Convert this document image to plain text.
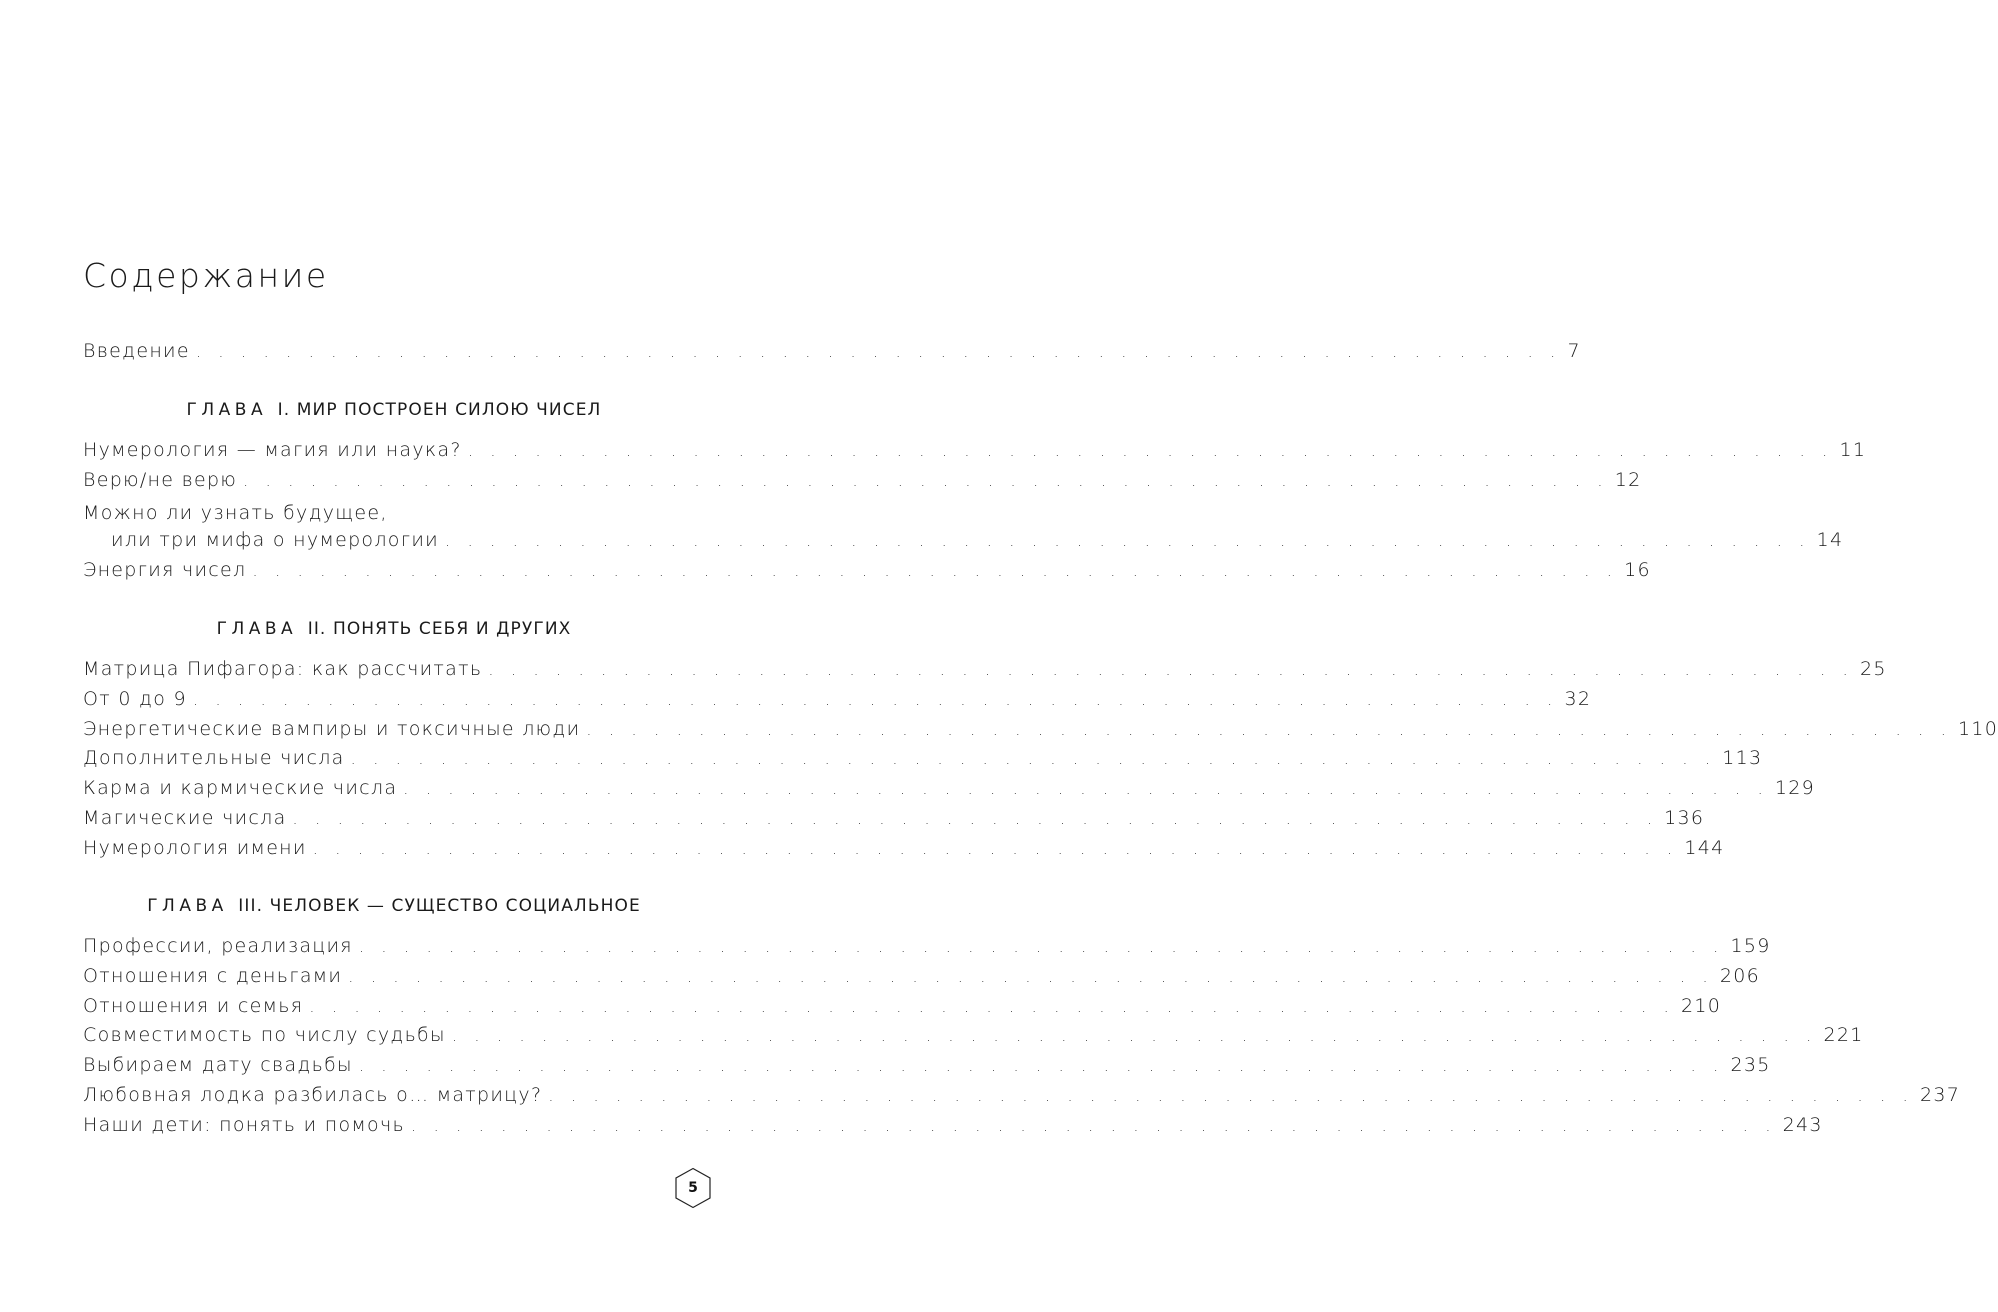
Содержание
Введение . . . . . . . . . . . . . . . . . . . . . . . . . . . . . . . . . . . . . . . . . . . . . . . . . . . . . . . . . . . . . 7
ГЛАВА I. МИР ПОСТРОЕН СИЛОЮ ЧИСЕЛ
Нумерология — магия или наука? . . . . . . . . . . . . . . . . . . . . . . . . . . . . . . . . . . . . . . . . . . . . . . . . . . . . . . . . . . . . . 11
Верю/не верю . . . . . . . . . . . . . . . . . . . . . . . . . . . . . . . . . . . . . . . . . . . . . . . . . . . . . . . . . . . . . 12
Можно ли узнать будущее,
или три мифа о нумерологии . . . . . . . . . . . . . . . . . . . . . . . . . . . . . . . . . . . . . . . . . . . . . . . . . . . . . . . . . . . . . 14
Энергия чисел . . . . . . . . . . . . . . . . . . . . . . . . . . . . . . . . . . . . . . . . . . . . . . . . . . . . . . . . . . . . . 16
ГЛАВА II. ПОНЯТЬ СЕБЯ И ДРУГИХ
Матрица Пифагора: как рассчитать . . . . . . . . . . . . . . . . . . . . . . . . . . . . . . . . . . . . . . . . . . . . . . . . . . . . . . . . . . . . . 25
От 0 до 9 . . . . . . . . . . . . . . . . . . . . . . . . . . . . . . . . . . . . . . . . . . . . . . . . . . . . . . . . . . . . . 32
Энергетические вампиры и токсичные люди . . . . . . . . . . . . . . . . . . . . . . . . . . . . . . . . . . . . . . . . . . . . . . . . . . . . . . . . . . . . . 110
Дополнительные числа . . . . . . . . . . . . . . . . . . . . . . . . . . . . . . . . . . . . . . . . . . . . . . . . . . . . . . . . . . . . . 113
Карма и кармические числа . . . . . . . . . . . . . . . . . . . . . . . . . . . . . . . . . . . . . . . . . . . . . . . . . . . . . . . . . . . . . 129
Магические числа . . . . . . . . . . . . . . . . . . . . . . . . . . . . . . . . . . . . . . . . . . . . . . . . . . . . . . . . . . . . . 136
Нумерология имени . . . . . . . . . . . . . . . . . . . . . . . . . . . . . . . . . . . . . . . . . . . . . . . . . . . . . . . . . . . . . 144
ГЛАВА III. ЧЕЛОВЕК — СУЩЕСТВО СОЦИАЛЬНОЕ
Профессии, реализация . . . . . . . . . . . . . . . . . . . . . . . . . . . . . . . . . . . . . . . . . . . . . . . . . . . . . . . . . . . . . 159
Отношения с деньгами . . . . . . . . . . . . . . . . . . . . . . . . . . . . . . . . . . . . . . . . . . . . . . . . . . . . . . . . . . . . . 206
Отношения и семья . . . . . . . . . . . . . . . . . . . . . . . . . . . . . . . . . . . . . . . . . . . . . . . . . . . . . . . . . . . . . 210
Совместимость по числу судьбы . . . . . . . . . . . . . . . . . . . . . . . . . . . . . . . . . . . . . . . . . . . . . . . . . . . . . . . . . . . . . 221
Выбираем дату свадьбы . . . . . . . . . . . . . . . . . . . . . . . . . . . . . . . . . . . . . . . . . . . . . . . . . . . . . . . . . . . . . 235
Любовная лодка разбилась о… матрицу? . . . . . . . . . . . . . . . . . . . . . . . . . . . . . . . . . . . . . . . . . . . . . . . . . . . . . . . . . . . . . 237
Наши дети: понять и помочь . . . . . . . . . . . . . . . . . . . . . . . . . . . . . . . . . . . . . . . . . . . . . . . . . . . . . . . . . . . . . 243
5
